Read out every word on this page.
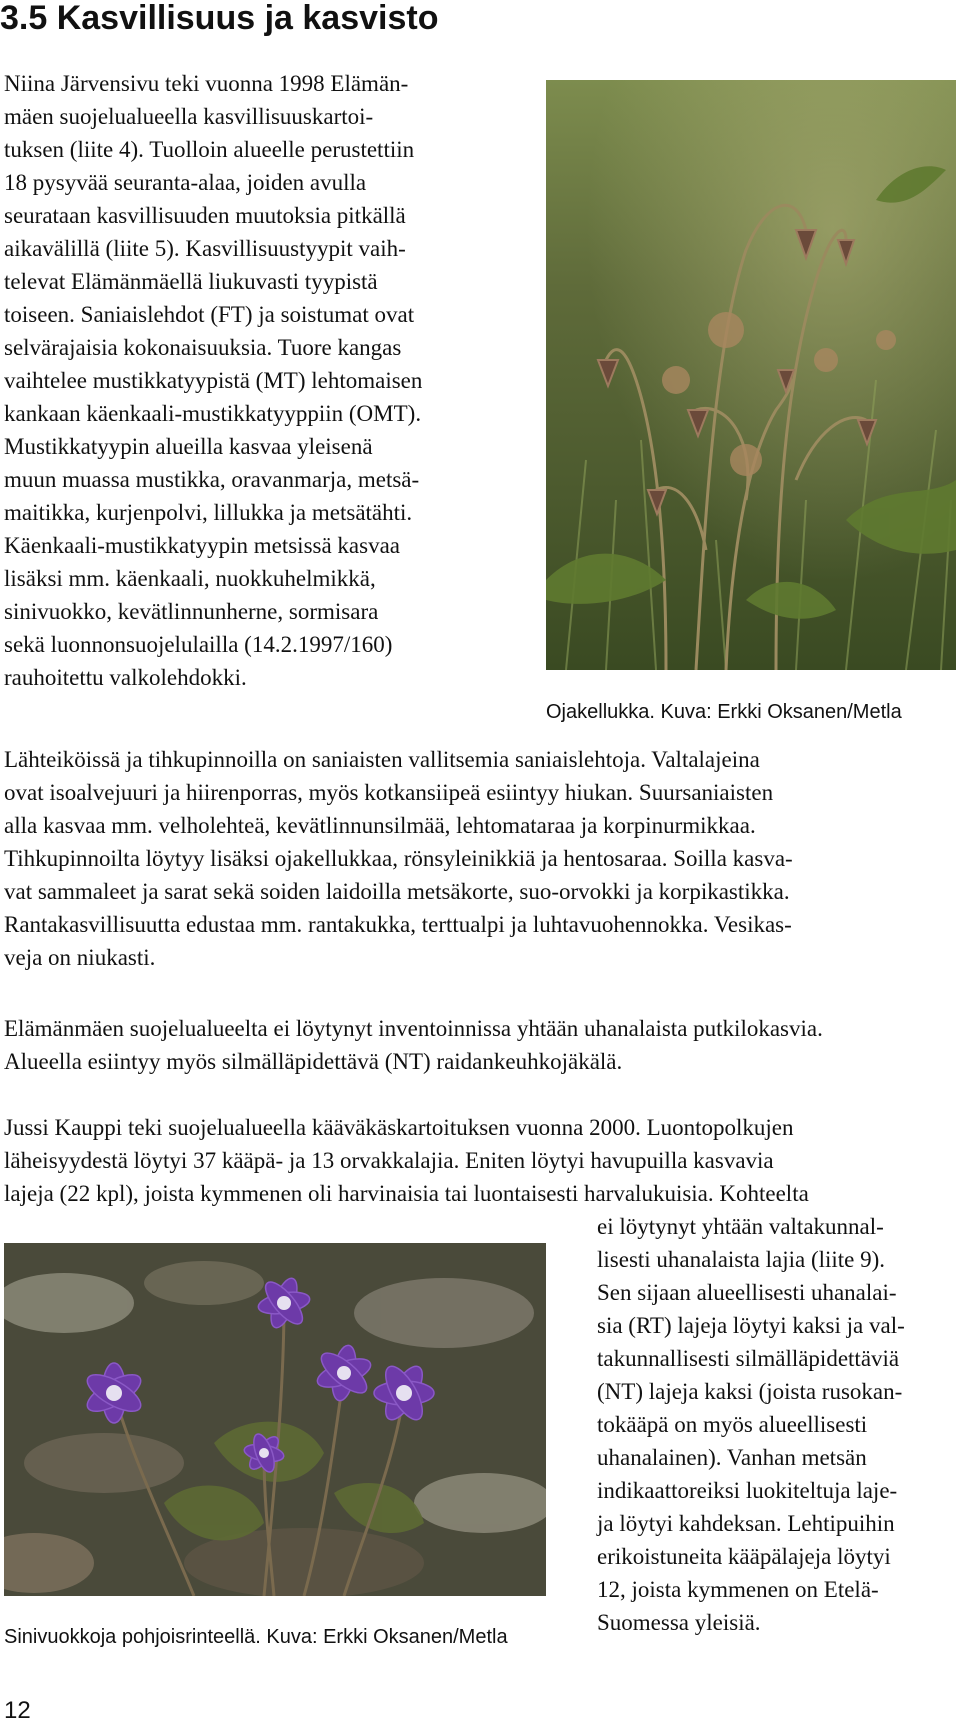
3.5 Kasvillisuus ja kasvisto
Niina Järvensivu teki vuonna 1998 Elämän-
mäen suojelualueella kasvillisuuskartoi-
tuksen (liite 4). Tuolloin alueelle perustettiin
18 pysyvää seuranta-alaa, joiden avulla
seurataan kasvillisuuden muutoksia pitkällä
aikavälillä (liite 5). Kasvillisuustyypit vaih-
televat Elämänmäellä liukuvasti tyypistä
toiseen. Saniaislehdot (FT) ja soistumat ovat
selvärajaisia kokonaisuuksia. Tuore kangas
vaihtelee mustikkatyypistä (MT) lehtomaisen
kankaan käenkaali-mustikkatyyppiin (OMT).
Mustikkatyypin alueilla kasvaa yleisenä
muun muassa mustikka, oravanmarja, metsä-
maitikka, kurjenpolvi, lillukka ja metsätähti.
Käenkaali-mustikkatyypin metsissä kasvaa
lisäksi mm. käenkaali, nuokkuhelmikkä,
sinivuokko, kevätlinnunherne, sormisara
sekä luonnonsuojelulailla (14.2.1997/160)
rauhoitettu valkolehdokki.
Ojakellukka. Kuva: Erkki Oksanen/Metla
Lähteiköissä ja tihkupinnoilla on saniaisten vallitsemia saniaislehtoja. Valtalajeina
ovat isoalvejuuri ja hiirenporras, myös kotkansiipeä esiintyy hiukan. Suursaniaisten
alla kasvaa mm. velholehteä, kevätlinnunsilmää, lehtomataraa ja korpinurmikkaa.
Tihkupinnoilta löytyy lisäksi ojakellukkaa, rönsyleinikkiä ja hentosaraa. Soilla kasva-
vat sammaleet ja sarat sekä soiden laidoilla metsäkorte, suo-orvokki ja korpikastikka.
Rantakasvillisuutta edustaa mm. rantakukka, terttualpi ja luhtavuohennokka. Vesikas-
veja on niukasti.
Elämänmäen suojelualueelta ei löytynyt inventoinnissa yhtään uhanalaista putkilokasvia.
Alueella esiintyy myös silmälläpidettävä (NT) raidankeuhkojäkälä.
Jussi Kauppi teki suojelualueella kääväkäskartoituksen vuonna 2000. Luontopolkujen
läheisyydestä löytyi 37 kääpä- ja 13 orvakkalajia. Eniten löytyi havupuilla kasvavia
lajeja (22 kpl), joista kymmenen oli harvinaisia tai luontaisesti harvalukuisia. Kohteelta
ei löytynyt yhtään valtakunnal-
lisesti uhanalaista lajia (liite 9).
Sen sijaan alueellisesti uhanalai-
sia (RT) lajeja löytyi kaksi ja val-
takunnallisesti silmälläpidettäviä
(NT) lajeja kaksi (joista rusokan-
tokääpä on myös alueellisesti
uhanalainen). Vanhan metsän
indikaattoreiksi luokiteltuja laje-
ja löytyi kahdeksan. Lehtipuihin
erikoistuneita kääpälajeja löytyi
12, joista kymmenen on Etelä-
Suomessa yleisiä.
Sinivuokkoja pohjoisrinteellä. Kuva: Erkki Oksanen/Metla
12
